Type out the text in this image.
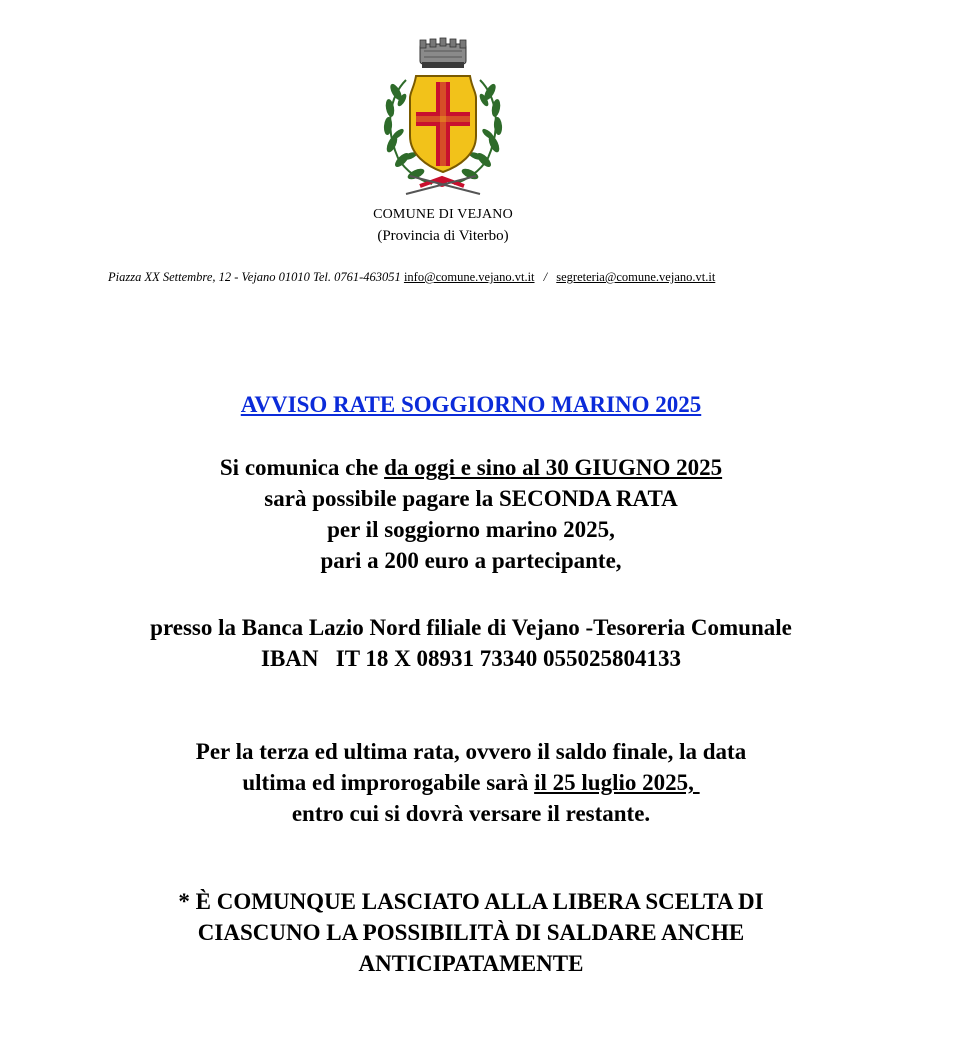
COMUNE DI VEJANO
(Provincia di Viterbo)
Piazza XX Settembre, 12 - Vejano 01010 Tel. 0761-463051 info@comune.vejano.vt.it / segreteria@comune.vejano.vt.it
AVVISO RATE SOGGIORNO MARINO 2025
Si comunica che da oggi e sino al 30 GIUGNO 2025
sarà possibile pagare la SECONDA RATA
per il soggiorno marino 2025,
pari a 200 euro a partecipante,
presso la Banca Lazio Nord filiale di Vejano -Tesoreria Comunale
IBAN   IT 18 X 08931 73340 055025804133
Per la terza ed ultima rata, ovvero il saldo finale, la data
ultima ed improrogabile sarà il 25 luglio 2025,
entro cui si dovrà versare il restante.
* È COMUNQUE LASCIATO ALLA LIBERA SCELTA DI
CIASCUNO LA POSSIBILITÀ DI SALDARE ANCHE
ANTICIPATAMENTE
